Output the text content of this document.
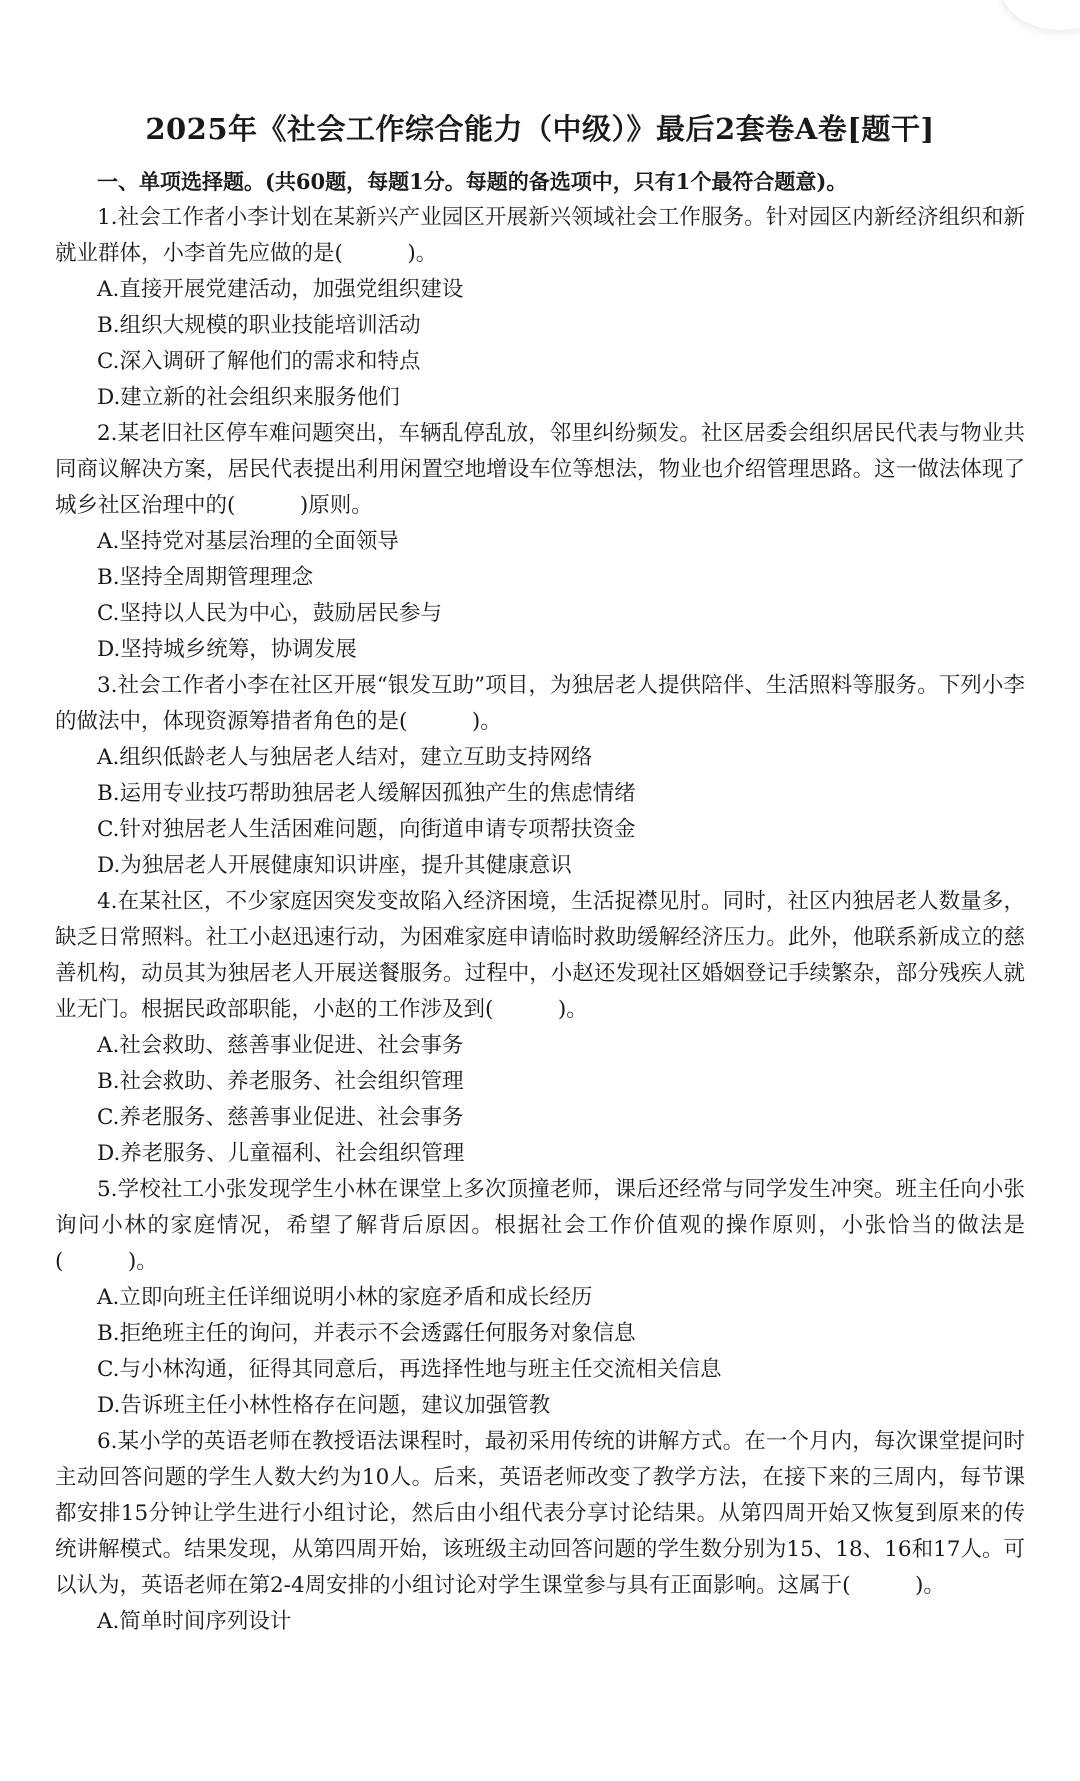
2025年《社会工作综合能力（中级）》最后2套卷A卷[题干]

一、单项选择题。(共60题，每题1分。每题的备选项中，只有1个最符合题意)。

1.社会工作者小李计划在某新兴产业园区开展新兴领域社会工作服务。针对园区内新经济组织和新就业群体，小李首先应做的是(　　　)。

A.直接开展党建活动，加强党组织建设

B.组织大规模的职业技能培训活动

C.深入调研了解他们的需求和特点

D.建立新的社会组织来服务他们

2.某老旧社区停车难问题突出，车辆乱停乱放，邻里纠纷频发。社区居委会组织居民代表与物业共同商议解决方案，居民代表提出利用闲置空地增设车位等想法，物业也介绍管理思路。这一做法体现了城乡社区治理中的(　　　)原则。

A.坚持党对基层治理的全面领导

B.坚持全周期管理理念

C.坚持以人民为中心，鼓励居民参与

D.坚持城乡统筹，协调发展

3.社会工作者小李在社区开展“银发互助”项目，为独居老人提供陪伴、生活照料等服务。下列小李的做法中，体现资源筹措者角色的是(　　　)。

A.组织低龄老人与独居老人结对，建立互助支持网络

B.运用专业技巧帮助独居老人缓解因孤独产生的焦虑情绪

C.针对独居老人生活困难问题，向街道申请专项帮扶资金

D.为独居老人开展健康知识讲座，提升其健康意识

4.在某社区，不少家庭因突发变故陷入经济困境，生活捉襟见肘。同时，社区内独居老人数量多，缺乏日常照料。社工小赵迅速行动，为困难家庭申请临时救助缓解经济压力。此外，他联系新成立的慈善机构，动员其为独居老人开展送餐服务。过程中，小赵还发现社区婚姻登记手续繁杂，部分残疾人就业无门。根据民政部职能，小赵的工作涉及到(　　　)。

A.社会救助、慈善事业促进、社会事务

B.社会救助、养老服务、社会组织管理

C.养老服务、慈善事业促进、社会事务

D.养老服务、儿童福利、社会组织管理

5.学校社工小张发现学生小林在课堂上多次顶撞老师，课后还经常与同学发生冲突。班主任向小张询问小林的家庭情况，希望了解背后原因。根据社会工作价值观的操作原则，小张恰当的做法是(　　　)。

A.立即向班主任详细说明小林的家庭矛盾和成长经历

B.拒绝班主任的询问，并表示不会透露任何服务对象信息

C.与小林沟通，征得其同意后，再选择性地与班主任交流相关信息

D.告诉班主任小林性格存在问题，建议加强管教

6.某小学的英语老师在教授语法课程时，最初采用传统的讲解方式。在一个月内，每次课堂提问时主动回答问题的学生人数大约为10人。后来，英语老师改变了教学方法，在接下来的三周内，每节课都安排15分钟让学生进行小组讨论，然后由小组代表分享讨论结果。从第四周开始又恢复到原来的传统讲解模式。结果发现，从第四周开始，该班级主动回答问题的学生数分别为15、18、16和17人。可以认为，英语老师在第2-4周安排的小组讨论对学生课堂参与具有正面影响。这属于(　　　)。

A.简单时间序列设计
